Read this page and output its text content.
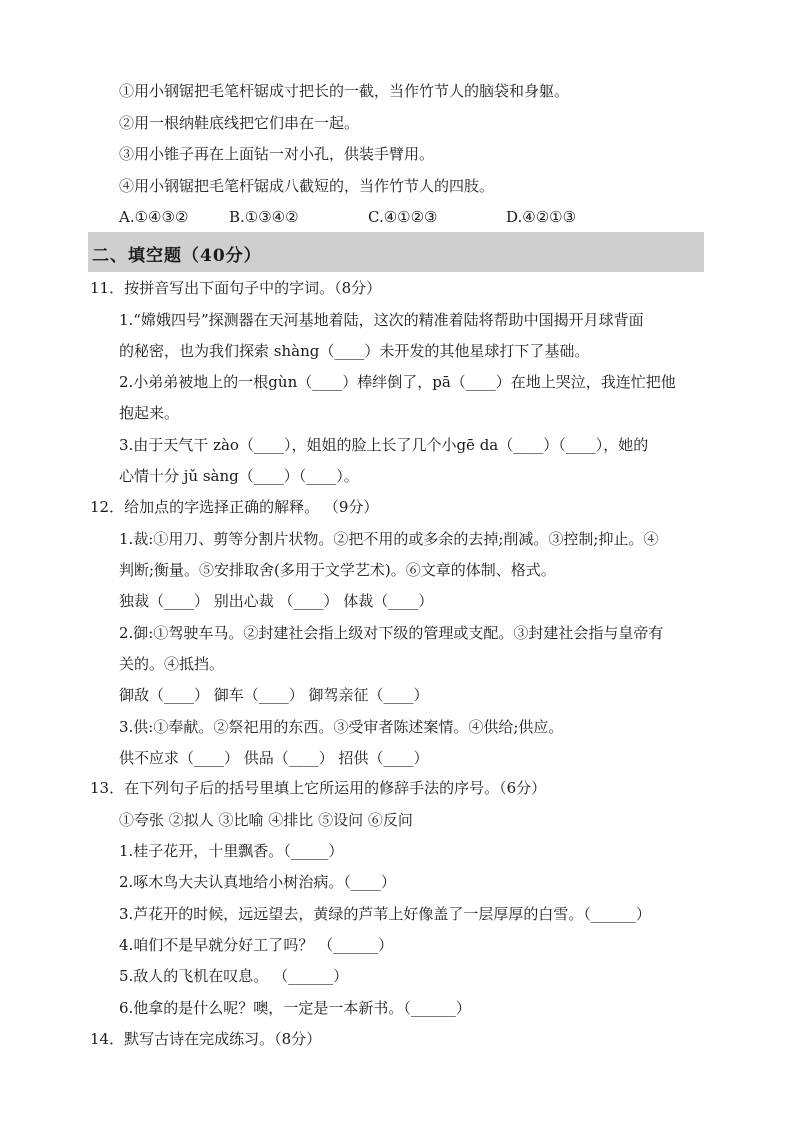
①用小钢锯把毛笔杆锯成寸把长的一截，当作竹节人的脑袋和身躯。
②用一根纳鞋底线把它们串在一起。
③用小锥子再在上面钻一对小孔，供装手臂用。
④用小钢锯把毛笔杆锯成八截短的，当作竹节人的四肢。
A.①④③②	B.①③④②	C.④①②③	D.④②①③
二、填空题（40分）
11．按拼音写出下面句子中的字词。（8分）
1.“嫦娥四号”探测器在天河基地着陆，这次的精准着陆将帮助中国揭开月球背面
的秘密，也为我们探索 shàng（____）未开发的其他星球打下了基础。
2.小弟弟被地上的一根gùn（____）棒绊倒了，pā（____）在地上哭泣，我连忙把他
抱起来。
3.由于天气干 zào（____），姐姐的脸上长了几个小gē da（____）（____），她的
心情十分 jǔ sàng（____）（____）。
12．给加点的字选择正确的解释。 （9分）
1.裁:①用刀、剪等分割片状物。②把不用的或多余的去掉;削减。③控制;抑止。④
判断;衡量。⑤安排取舍(多用于文学艺术)。⑥文章的体制、格式。
独裁（____） 别出心裁 （____） 体裁（____）
2.御:①驾驶车马。②封建社会指上级对下级的管理或支配。③封建社会指与皇帝有
关的。④抵挡。
御敌（____） 御车（____） 御驾亲征（____）
3.供:①奉献。②祭祀用的东西。③受审者陈述案情。④供给;供应。
供不应求（____） 供品（____） 招供（____）
13．在下列句子后的括号里填上它所运用的修辞手法的序号。（6分）
①夸张 ②拟人 ③比喻 ④排比 ⑤设问 ⑥反问
1.桂子花开，十里飘香。（_____）
2.啄木鸟大夫认真地给小树治病。（____）
3.芦花开的时候，远远望去，黄绿的芦苇上好像盖了一层厚厚的白雪。（______）
4.咱们不是早就分好工了吗？ （______）
5.敌人的飞机在叹息。 （______）
6.他拿的是什么呢？噢，一定是一本新书。（______）
14．默写古诗在完成练习。（8分）
